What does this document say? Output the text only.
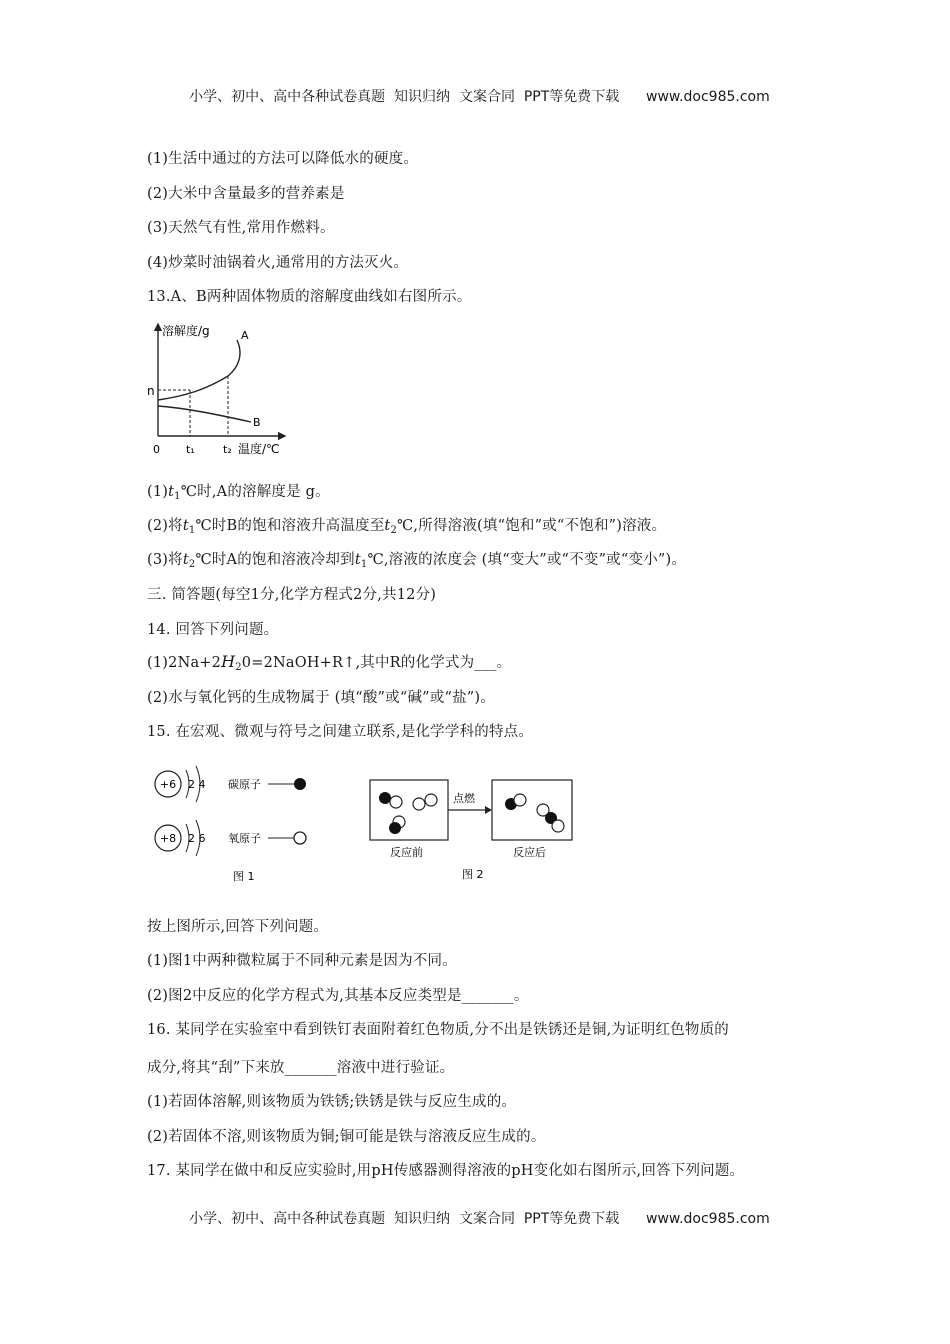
小学、初中、高中各种试卷真题  知识归纳  文案合同  PPT等免费下载 www.doc985.com

(1)生活中通过的方法可以降低水的硬度。
(2)大米中含量最多的营养素是
(3)天然气有性,常用作燃料。
(4)炒菜时油锅着火,通常用的方法灭火。
13.A、B两种固体物质的溶解度曲线如右图所示。
溶解度/g	A
B
n
0 t₁	t₂ 温度/℃
$(1)t_1℃$时,A的溶解度是 g。
(2)将$t_1℃$时B的饱和溶液升高温度至$t_2℃$,所得溶液(填“饱和”或“不饱和”)溶液。
(3)将$t_2℃$时A的饱和溶液冷却到$t_1℃$,溶液的浓度会 (填“变大”或“不变”或“变小”)。
三. 简答题(每空1分,化学方程式2分,共12分)
14. 回答下列问题。
$(1)2Na+2H_20=2NaOH+R↑$,其中R的化学式为___。
(2)水与氧化钙的生成物属于 (填“酸”或“碱”或“盐”)。
15. 在宏观、微观与符号之间建立联系,是化学学科的特点。
+6 2 4 碳原子
+8 2 6 氧原子
图 1
点燃
反应前	反应后
图 2
按上图所示,回答下列问题。
(1)图1中两种微粒属于不同种元素是因为不同。
(2)图2中反应的化学方程式为,其基本反应类型是_______。
16. 某同学在实验室中看到铁钉表面附着红色物质,分不出是铁锈还是铜,为证明红色物质的
成分,将其“刮”下来放_______溶液中进行验证。
(1)若固体溶解,则该物质为铁锈;铁锈是铁与反应生成的。
(2)若固体不溶,则该物质为铜;铜可能是铁与溶液反应生成的。
17. 某同学在做中和反应实验时,用pH传感器测得溶液的pH变化如右图所示,回答下列问题。

小学、初中、高中各种试卷真题  知识归纳  文案合同  PPT等免费下载 www.doc985.com
